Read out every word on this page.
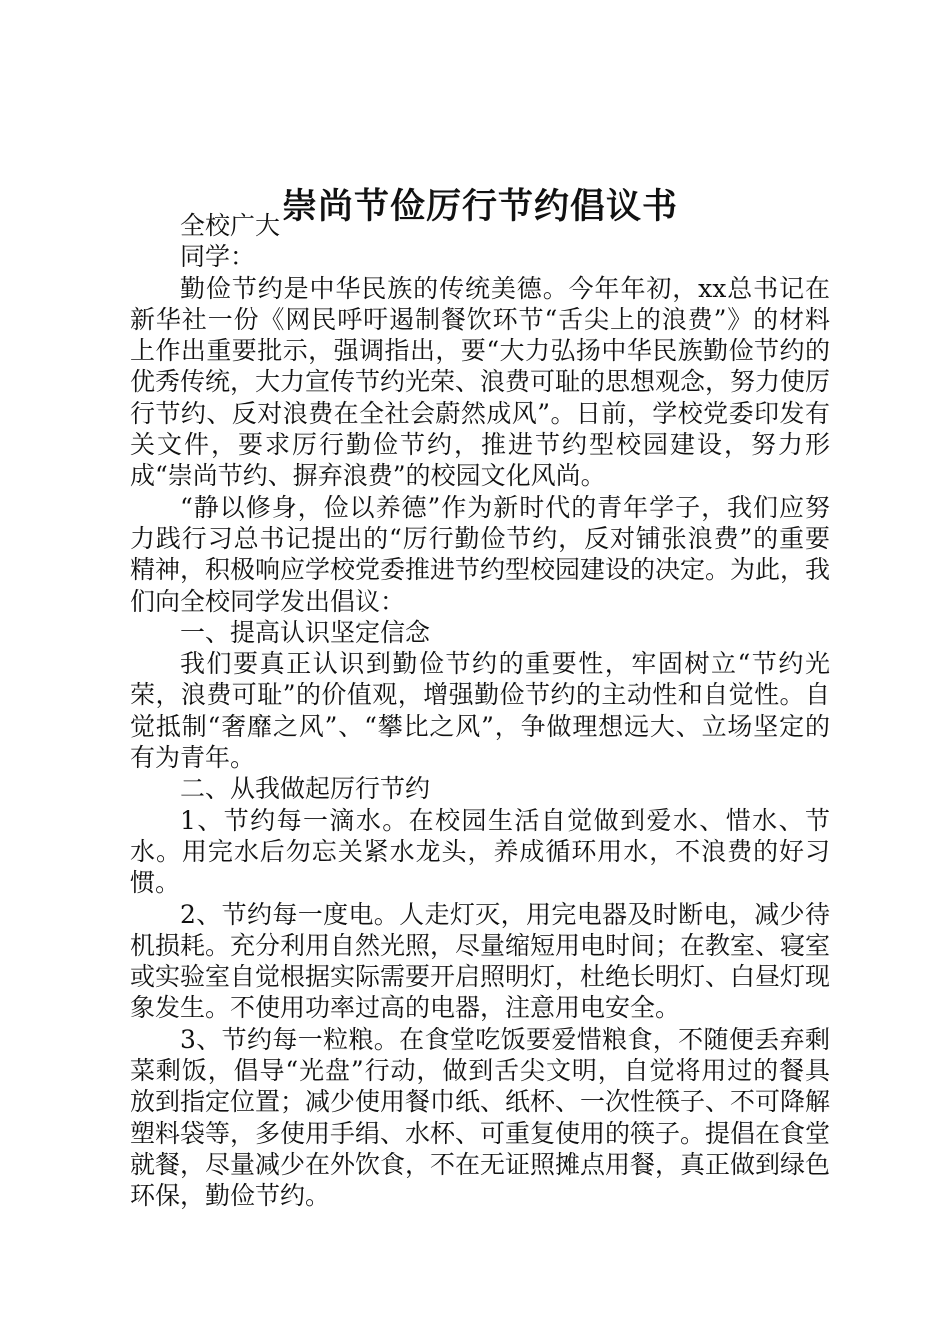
崇尚节俭厉行节约倡议书

全校广大

同学：

勤俭节约是中华民族的传统美德。今年年初，xx总书记在新华社一份《网民呼吁遏制餐饮环节“舌尖上的浪费”》的材料上作出重要批示，强调指出，要“大力弘扬中华民族勤俭节约的优秀传统，大力宣传节约光荣、浪费可耻的思想观念，努力使厉行节约、反对浪费在全社会蔚然成风”。日前，学校党委印发有关文件，要求厉行勤俭节约，推进节约型校园建设，努力形成“崇尚节约、摒弃浪费”的校园文化风尚。

“静以修身，俭以养德”作为新时代的青年学子，我们应努力践行习总书记提出的“厉行勤俭节约，反对铺张浪费”的重要精神，积极响应学校党委推进节约型校园建设的决定。为此，我们向全校同学发出倡议：

一、提高认识坚定信念

我们要真正认识到勤俭节约的重要性，牢固树立“节约光荣，浪费可耻”的价值观，增强勤俭节约的主动性和自觉性。自觉抵制“奢靡之风”、“攀比之风”，争做理想远大、立场坚定的有为青年。

二、从我做起厉行节约

1、节约每一滴水。在校园生活自觉做到爱水、惜水、节水。用完水后勿忘关紧水龙头，养成循环用水，不浪费的好习惯。

2、节约每一度电。人走灯灭，用完电器及时断电，减少待机损耗。充分利用自然光照，尽量缩短用电时间；在教室、寝室或实验室自觉根据实际需要开启照明灯，杜绝长明灯、白昼灯现象发生。不使用功率过高的电器，注意用电安全。

3、节约每一粒粮。在食堂吃饭要爱惜粮食，不随便丢弃剩菜剩饭，倡导“光盘”行动，做到舌尖文明，自觉将用过的餐具放到指定位置；减少使用餐巾纸、纸杯、一次性筷子、不可降解塑料袋等，多使用手绢、水杯、可重复使用的筷子。提倡在食堂就餐，尽量减少在外饮食，不在无证照摊点用餐，真正做到绿色环保，勤俭节约。
